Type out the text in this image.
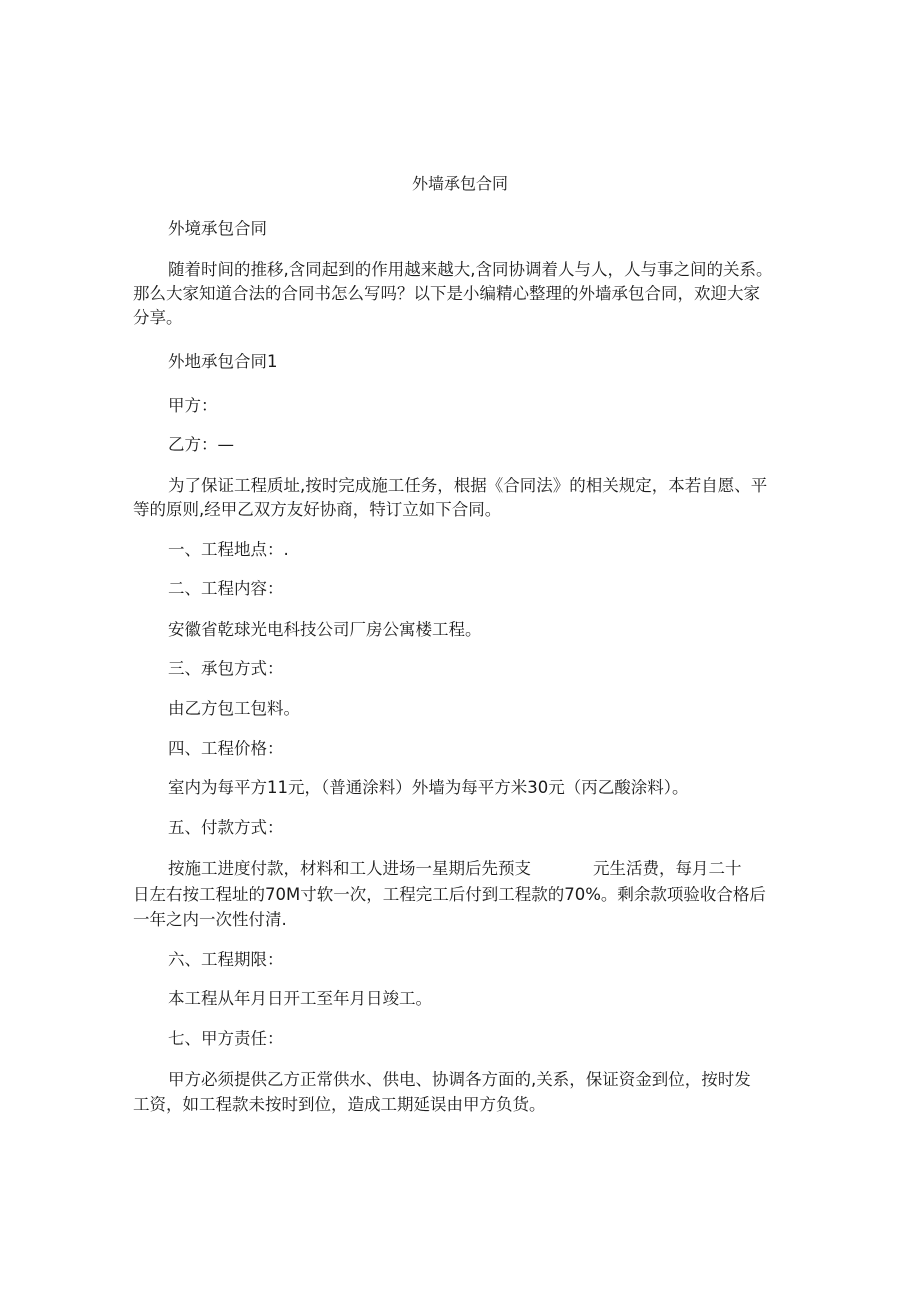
外墙承包合同
外境承包合同
随着时间的推移,含同起到的作用越来越大,含同协调着人与人，人与事之间的关系。
那么大家知道合法的合同书怎么写吗？以下是小编精心整理的外墙承包合同，欢迎大家
分享。
外地承包合同1
甲方：
乙方：—
为了保证工程质址,按时完成施工任务，根据《合同法》的相关规定，本若自愿、平
等的原则,经甲乙双方友好协商，特订立如下合同。
一、工程地点：.
二、工程内容：
安徽省乾球光电科技公司厂房公寓楼工程。
三、承包方式：
由乙方包工包料。
四、工程价格：
室内为每平方11元，（普通涂料）外墙为每平方米30元（丙乙酸涂料）。
五、付款方式：
按施工进度付款，材料和工人进场一星期后先预支	元生活费，每月二十
日左右按工程址的70M寸软一次，工程完工后付到工程款的70%。剩余款项验收合格后
一年之内一次性付清.
六、工程期限：
本工程从年月日开工至年月日竣工。
七、甲方责任：
甲方必须提供乙方正常供水、供电、协调各方面的,关系，保证资金到位，按时发
工资，如工程款未按时到位，造成工期延误由甲方负货。
